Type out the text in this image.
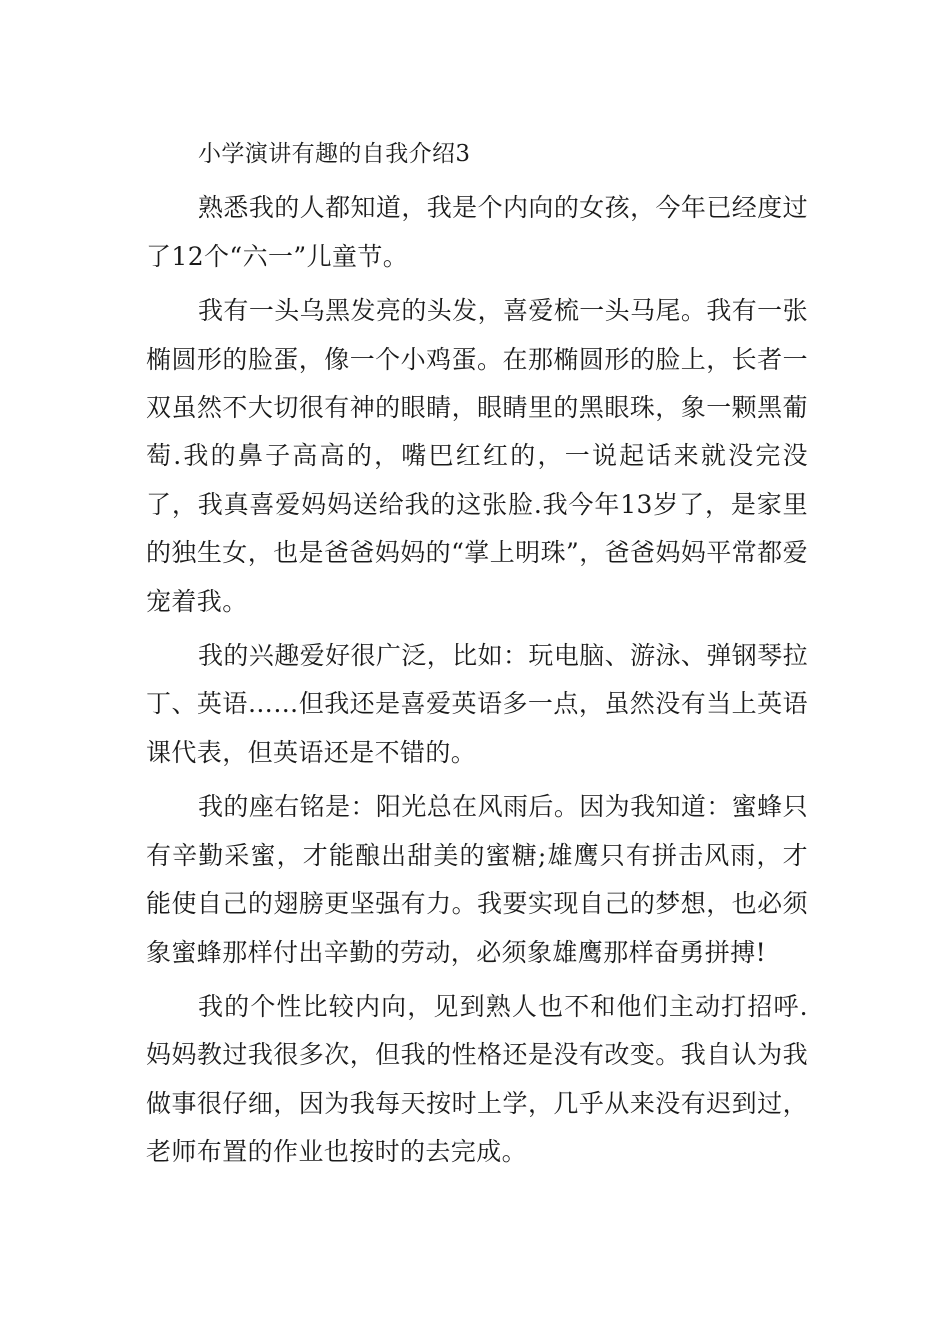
小学演讲有趣的自我介绍3

熟悉我的人都知道，我是个内向的女孩，今年已经度过了12个“六一”儿童节。

我有一头乌黑发亮的头发，喜爱梳一头马尾。我有一张椭圆形的脸蛋，像一个小鸡蛋。在那椭圆形的脸上，长者一双虽然不大切很有神的眼睛，眼睛里的黑眼珠，象一颗黑葡萄.我的鼻子高高的，嘴巴红红的，一说起话来就没完没了，我真喜爱妈妈送给我的这张脸.我今年13岁了，是家里的独生女，也是爸爸妈妈的“掌上明珠”，爸爸妈妈平常都爱宠着我。

我的兴趣爱好很广泛，比如：玩电脑、游泳、弹钢琴拉丁、英语……但我还是喜爱英语多一点，虽然没有当上英语课代表，但英语还是不错的。

我的座右铭是：阳光总在风雨后。因为我知道：蜜蜂只有辛勤采蜜，才能酿出甜美的蜜糖;雄鹰只有拼击风雨，才能使自己的翅膀更坚强有力。我要实现自己的梦想，也必须象蜜蜂那样付出辛勤的劳动，必须象雄鹰那样奋勇拼搏!

我的个性比较内向，见到熟人也不和他们主动打招呼.妈妈教过我很多次，但我的性格还是没有改变。我自认为我做事很仔细，因为我每天按时上学，几乎从来没有迟到过，老师布置的作业也按时的去完成。
